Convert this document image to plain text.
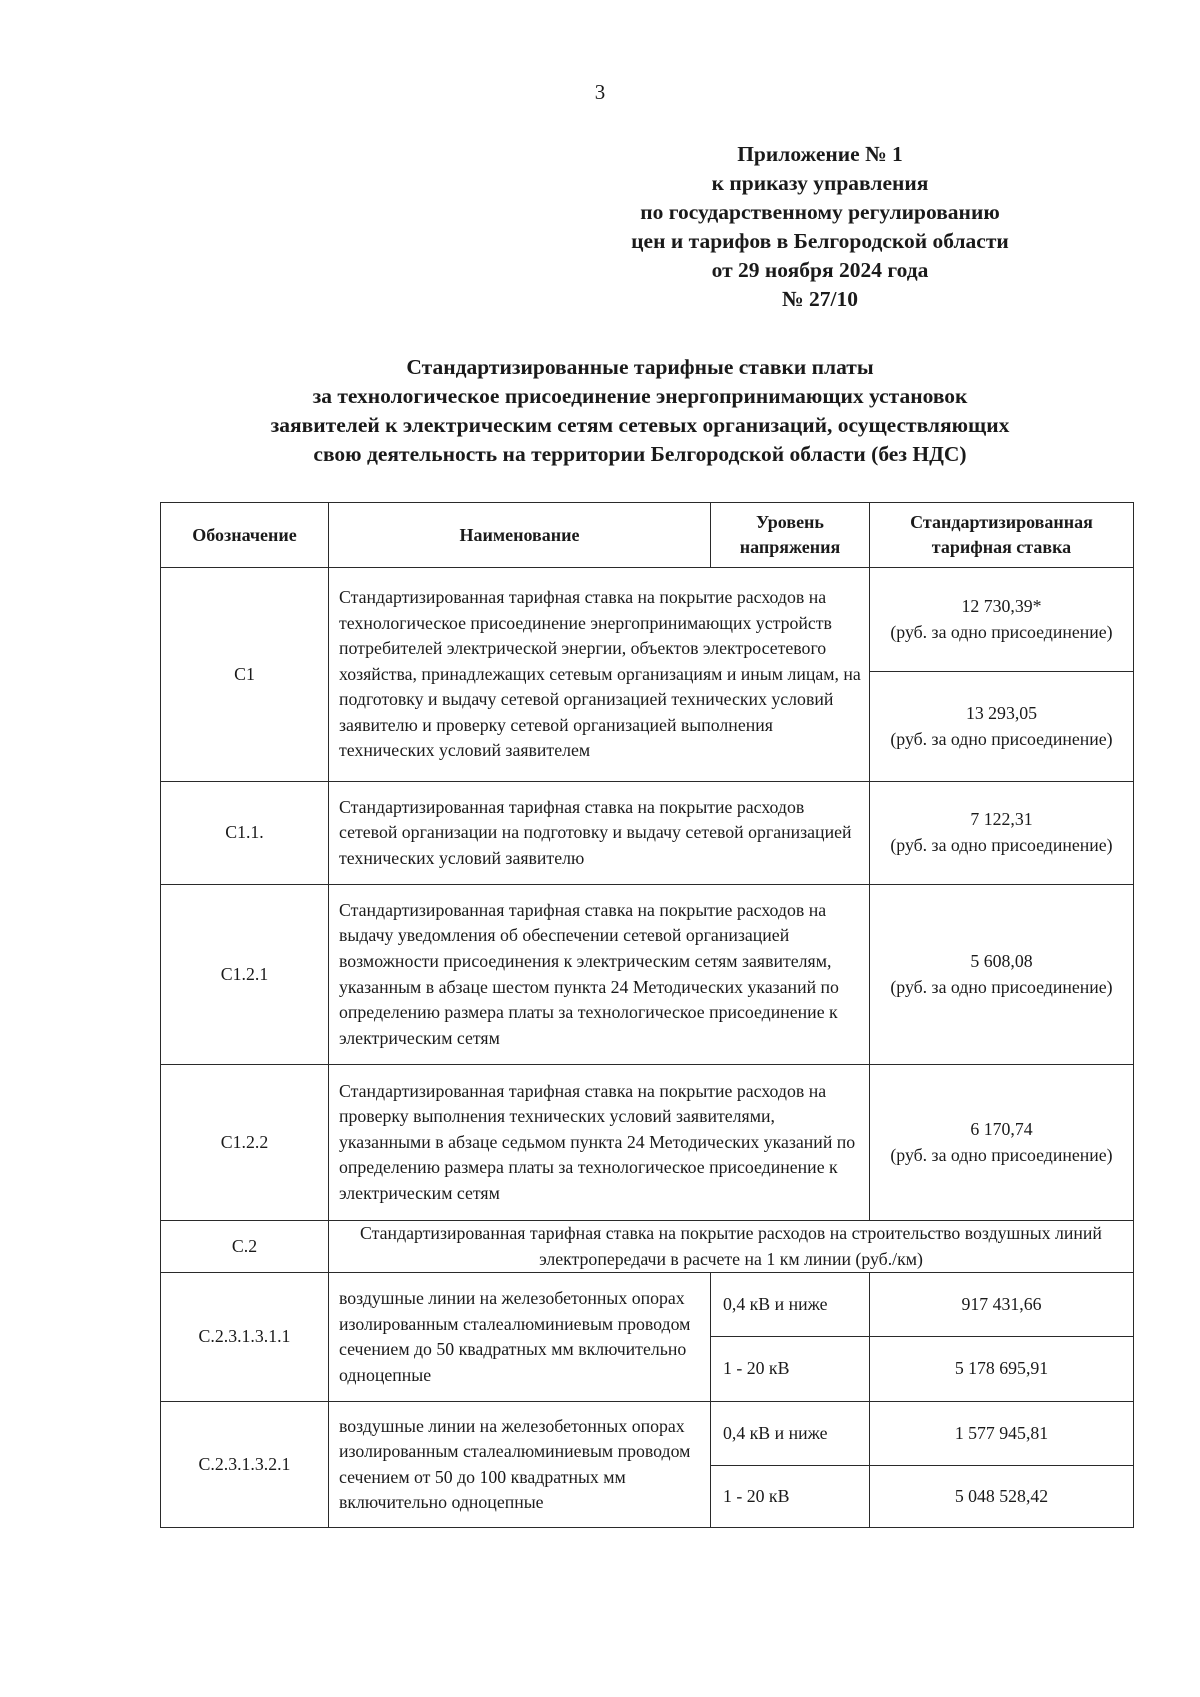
3
Приложение № 1
к приказу управления
по государственному регулированию
цен и тарифов в Белгородской области
от 29 ноября 2024 года
№ 27/10
Стандартизированные тарифные ставки платы
за технологическое присоединение энергопринимающих установок
заявителей к электрическим сетям сетевых организаций, осуществляющих
свою деятельность на территории Белгородской области (без НДС)
Обозначение	Наименование	Уровень напряжения	Стандартизированная тарифная ставка
С1	Стандартизированная тарифная ставка на покрытие расходов на технологическое присоединение энергопринимающих устройств потребителей электрической энергии, объектов электросетевого хозяйства, принадлежащих сетевым организациям и иным лицам, на подготовку и выдачу сетевой организацией технических условий заявителю и проверку сетевой организацией выполнения технических условий заявителем		12 730,39*
(руб. за одно присоединение)

			13 293,05
(руб. за одно присоединение)

С1.1.	Стандартизированная тарифная ставка на покрытие расходов сетевой организации на подготовку и выдачу сетевой организацией технических условий заявителю		7 122,31
(руб. за одно присоединение)

С1.2.1	Стандартизированная тарифная ставка на покрытие расходов на выдачу уведомления об обеспечении сетевой организацией возможности присоединения к электрическим сетям заявителям, указанным в абзаце шестом пункта 24 Методических указаний по определению размера платы за технологическое присоединение к электрическим сетям		5 608,08
(руб. за одно присоединение)

С1.2.2	Стандартизированная тарифная ставка на покрытие расходов на проверку выполнения технических условий заявителями, указанными в абзаце седьмом пункта 24 Методических указаний по определению размера платы за технологическое присоединение к электрическим сетям		6 170,74
(руб. за одно присоединение)

С.2	Стандартизированная тарифная ставка на покрытие расходов на строительство воздушных линий электропередачи в расчете на 1 км линии (руб./км)		
С.2.3.1.3.1.1	воздушные линии на железобетонных опорах изолированным сталеалюминиевым проводом сечением до 50 квадратных мм включительно одноцепные	0,4 кВ и ниже	917 431,66
		1 - 20 кВ	5 178 695,91
С.2.3.1.3.2.1	воздушные линии на железобетонных опорах изолированным сталеалюминиевым проводом сечением от 50 до 100 квадратных мм включительно одноцепные	0,4 кВ и ниже	1 577 945,81
		1 - 20 кВ	5 048 528,42
